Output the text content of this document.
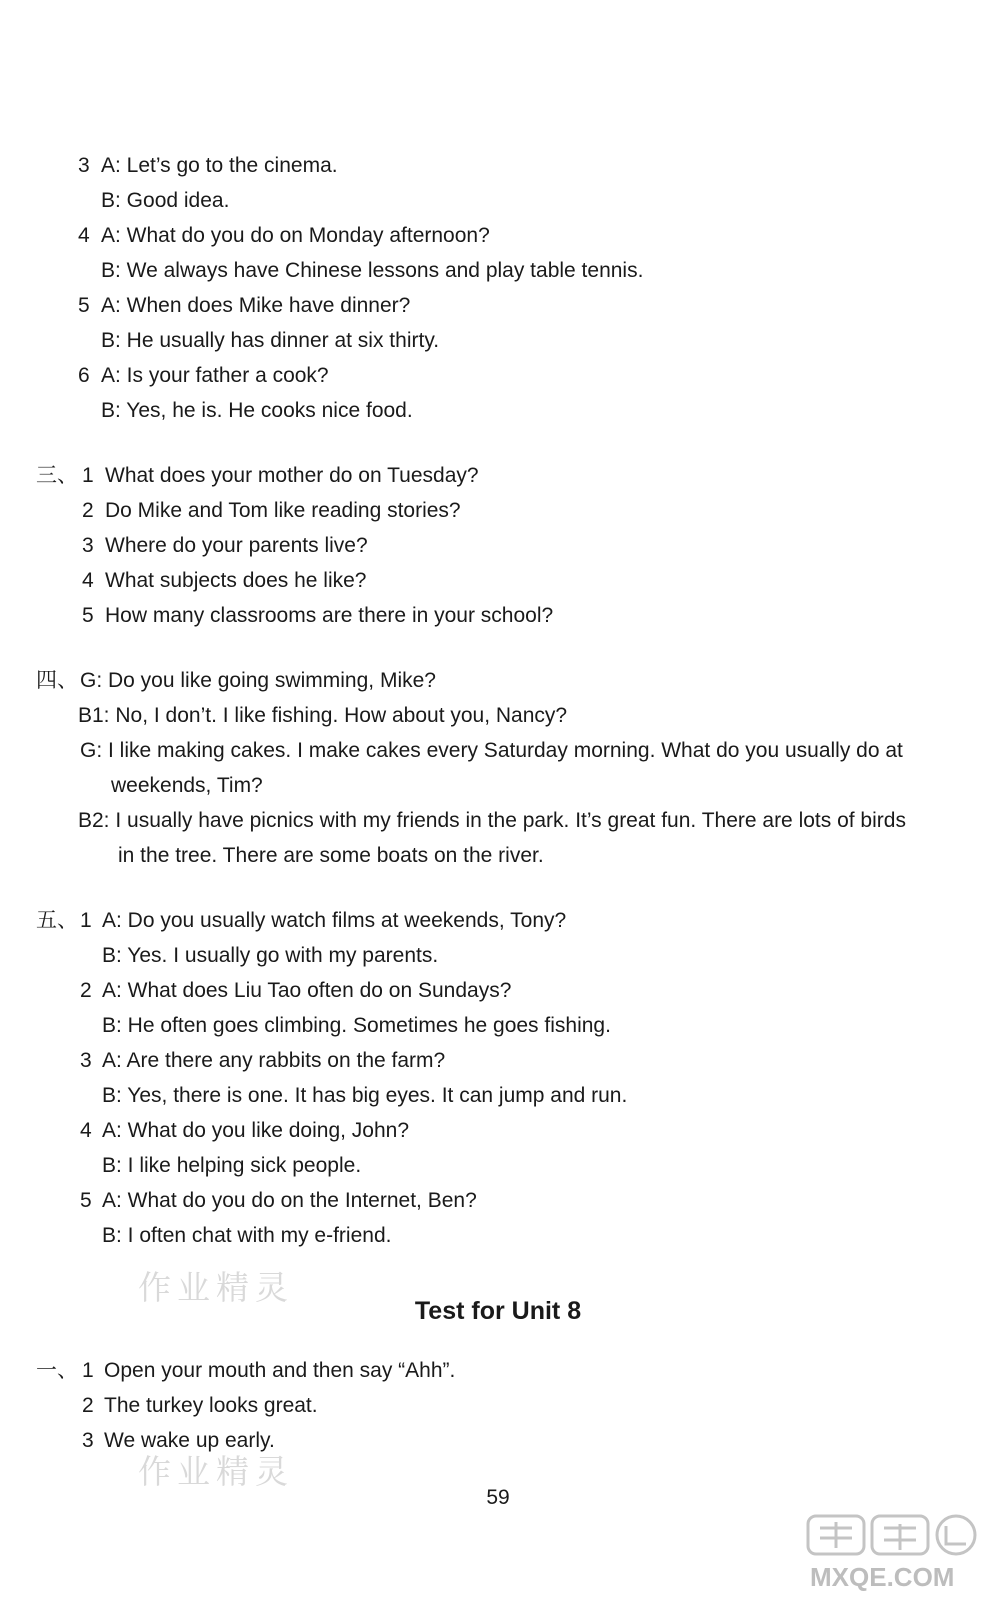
3 A: Let’s go to the cinema.
B: Good idea.
4 A: What do you do on Monday afternoon?
B: We always have Chinese lessons and play table tennis.
5 A: When does Mike have dinner?
B: He usually has dinner at six thirty.
6 A: Is your father a cook?
B: Yes, he is. He cooks nice food.
三、 1 What does your mother do on Tuesday?
2 Do Mike and Tom like reading stories?
3 Where do your parents live?
4 What subjects does he like?
5 How many classrooms are there in your school?
四、 G: Do you like going swimming, Mike?
B1: No, I don’t. I like fishing. How about you, Nancy?
G: I like making cakes. I make cakes every Saturday morning. What do you usually do at
weekends, Tim?
B2: I usually have picnics with my friends in the park. It’s great fun. There are lots of birds
in the tree. There are some boats on the river.
五、 1 A: Do you usually watch films at weekends, Tony?
B: Yes. I usually go with my parents.
2 A: What does Liu Tao often do on Sundays?
B: He often goes climbing. Sometimes he goes fishing.
3 A: Are there any rabbits on the farm?
B: Yes, there is one. It has big eyes. It can jump and run.
4 A: What do you like doing, John?
B: I like helping sick people.
5 A: What do you do on the Internet, Ben?
B: I often chat with my e-friend.
作业精灵
Test for Unit 8
一、 1 Open your mouth and then say “Ahh”.
2 The turkey looks great.
3 We wake up early.
作业精灵
59
MXQE.COM
